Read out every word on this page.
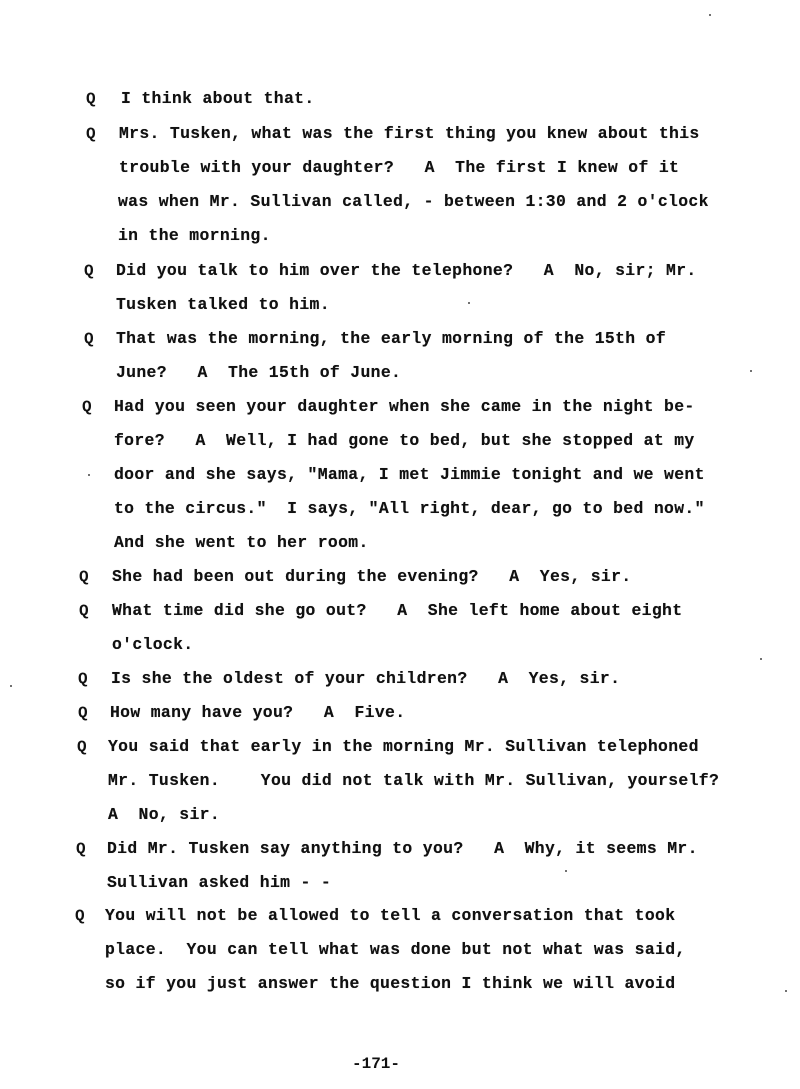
Q I think about that.
Q Mrs. Tusken, what was the first thing you knew about this
trouble with your daughter?   A  The first I knew of it
was when Mr. Sullivan called, - between 1:30 and 2 o'clock
in the morning.
Q Did you talk to him over the telephone?   A  No, sir; Mr.
Tusken talked to him.
Q That was the morning, the early morning of the 15th of
June?   A  The 15th of June.
Q Had you seen your daughter when she came in the night be-
fore?   A  Well, I had gone to bed, but she stopped at my
door and she says, "Mama, I met Jimmie tonight and we went
to the circus."  I says, "All right, dear, go to bed now."
And she went to her room.
Q She had been out during the evening?   A  Yes, sir.
Q What time did she go out?   A  She left home about eight
o'clock.
Q Is she the oldest of your children?   A  Yes, sir.
Q How many have you?   A  Five.
Q You said that early in the morning Mr. Sullivan telephoned
Mr. Tusken.    You did not talk with Mr. Sullivan, yourself?
A  No, sir.
Q Did Mr. Tusken say anything to you?   A  Why, it seems Mr.
Sullivan asked him - -
Q You will not be allowed to tell a conversation that took
place.  You can tell what was done but not what was said,
so if you just answer the question I think we will avoid
-171-
